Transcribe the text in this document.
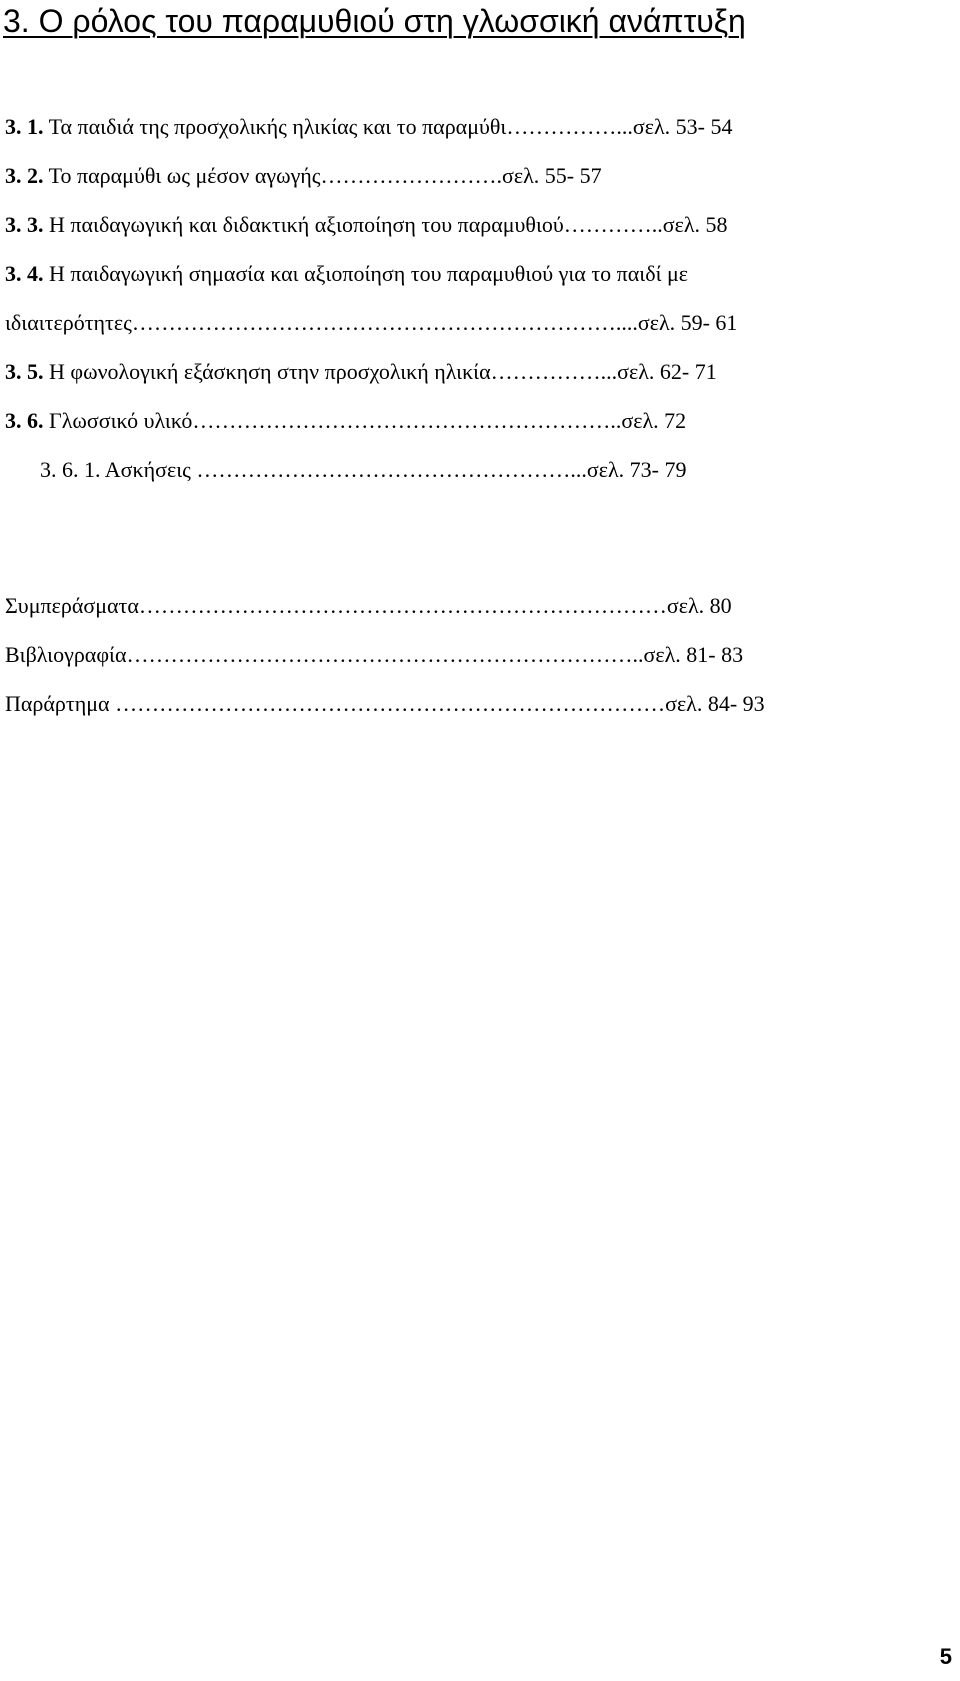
3. Ο ρόλος του παραμυθιού στη γλωσσική ανάπτυξη
3. 1. Τα παιδιά της προσχολικής ηλικίας και το παραμύθι……………...σελ. 53- 54
3. 2. Το παραμύθι ως μέσον αγωγής…………………….σελ. 55- 57
3. 3. Η παιδαγωγική και διδακτική αξιοποίηση του παραμυθιού…………..σελ. 58
3. 4. Η παιδαγωγική σημασία και αξιοποίηση του παραμυθιού για το παιδί με
ιδιαιτερότητες…………………………………………………………....σελ. 59- 61
3. 5. Η φωνολογική εξάσκηση στην προσχολική ηλικία……………...σελ. 62- 71
3. 6. Γλωσσικό υλικό…………………………………………………..σελ. 72
3. 6. 1. Ασκήσεις ……………………………………………...σελ. 73- 79
Συμπεράσματα………………………………………………………………σελ. 80
Βιβλιογραφία……………………………………………………………..σελ. 81- 83
Παράρτημα …………………………………………………………………σελ. 84- 93
5
